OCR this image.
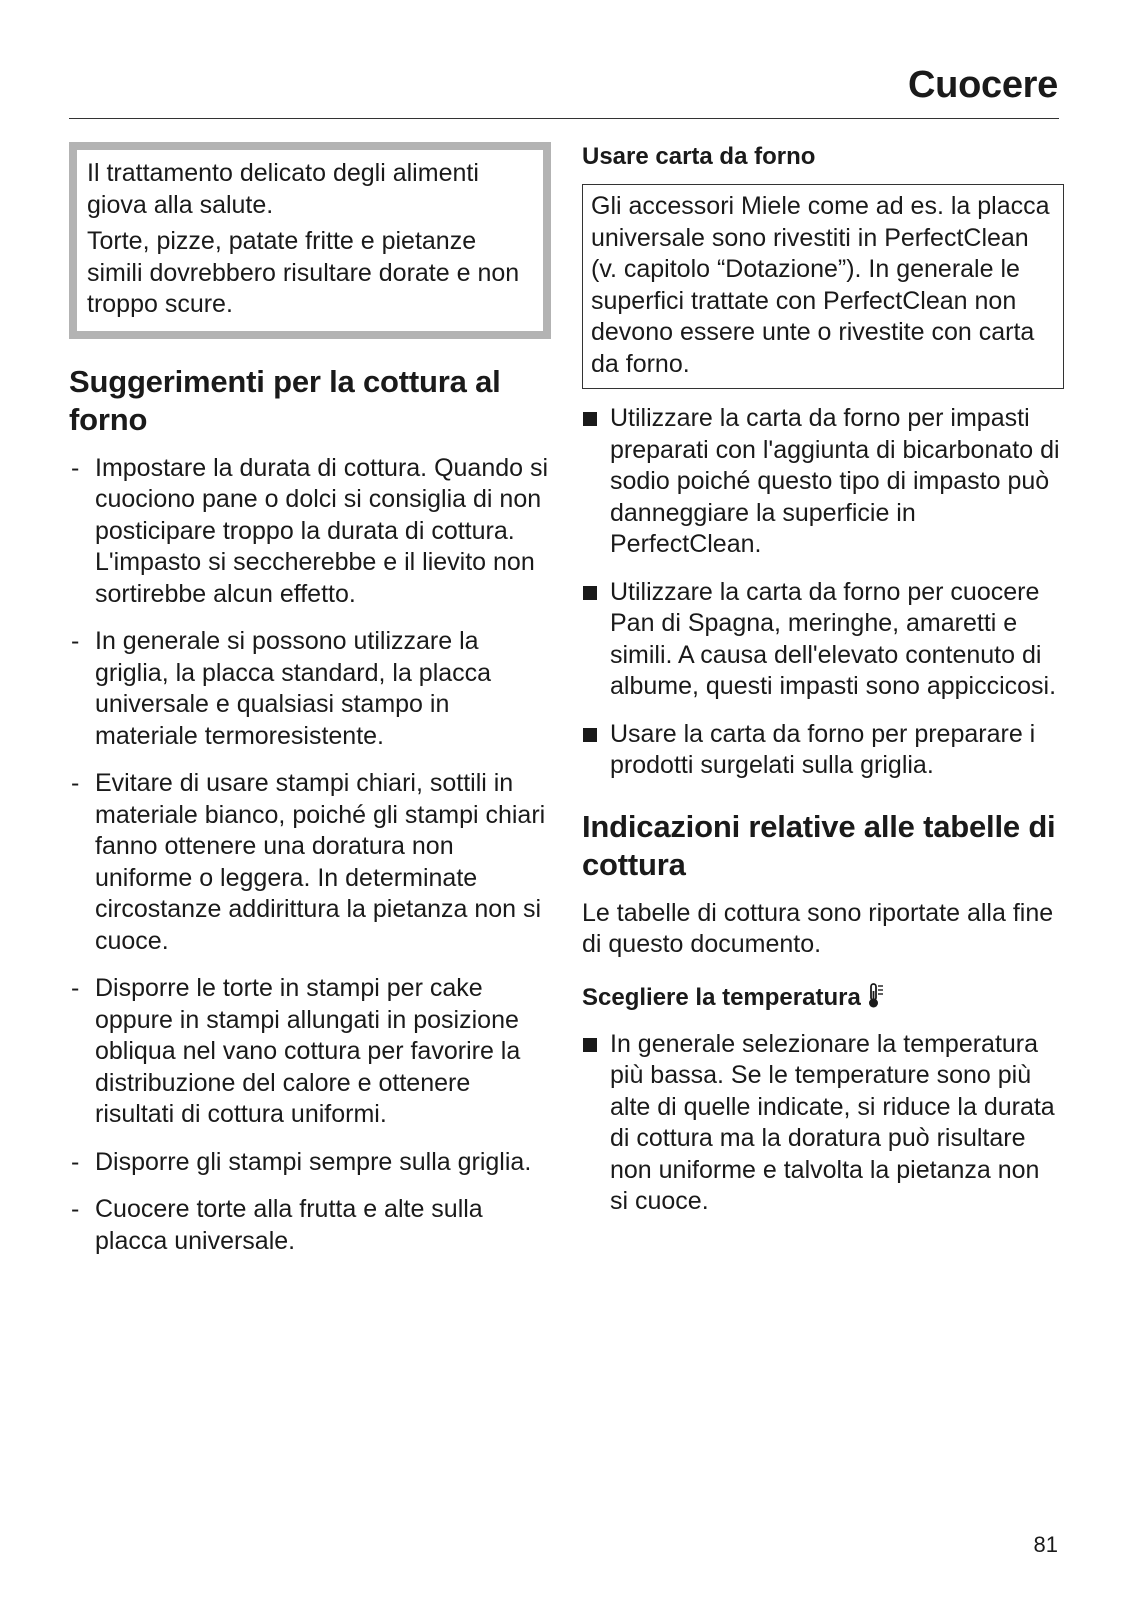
Cuocere

Il trattamento delicato degli alimenti giova alla salute.

Torte, pizze, patate fritte e pietanze simili dovrebbero risultare dorate e non troppo scure.

Suggerimenti per la cottura al forno
- Impostare la durata di cottura. Quando si cuociono pane o dolci si consiglia di non posticipare troppo la durata di cottura. L'impasto si seccherebbe e il lievito non sortirebbe alcun effetto.
- In generale si possono utilizzare la griglia, la placca standard, la placca universale e qualsiasi stampo in materiale termoresistente.
- Evitare di usare stampi chiari, sottili in materiale bianco, poiché gli stampi chiari fanno ottenere una doratura non uniforme o leggera. In determinate circostanze addirittura la pietanza non si cuoce.
- Disporre le torte in stampi per cake oppure in stampi allungati in posizione obliqua nel vano cottura per favorire la distribuzione del calore e ottenere risultati di cottura uniformi.
- Disporre gli stampi sempre sulla griglia.
- Cuocere torte alla frutta e alte sulla placca universale.
Usare carta da forno

Gli accessori Miele come ad es. la placca universale sono rivestiti in PerfectClean (v. capitolo “Dotazione”). In generale le superfici trattate con PerfectClean non devono essere unte o rivestite con carta da forno.

Utilizzare la carta da forno per impasti preparati con l'aggiunta di bicarbonato di sodio poiché questo tipo di impasto può danneggiare la superficie in PerfectClean.
Utilizzare la carta da forno per cuocere Pan di Spagna, meringhe, amaretti e simili. A causa dell'elevato contenuto di albume, questi impasti sono appiccicosi.
Usare la carta da forno per preparare i prodotti surgelati sulla griglia.
Indicazioni relative alle tabelle di cottura

Le tabelle di cottura sono riportate alla fine di questo documento.

Scegliere la temperatura
In generale selezionare la temperatura più bassa. Se le temperature sono più alte di quelle indicate, si riduce la durata di cottura ma la doratura può risultare non uniforme e talvolta la pietanza non si cuoce.
81
